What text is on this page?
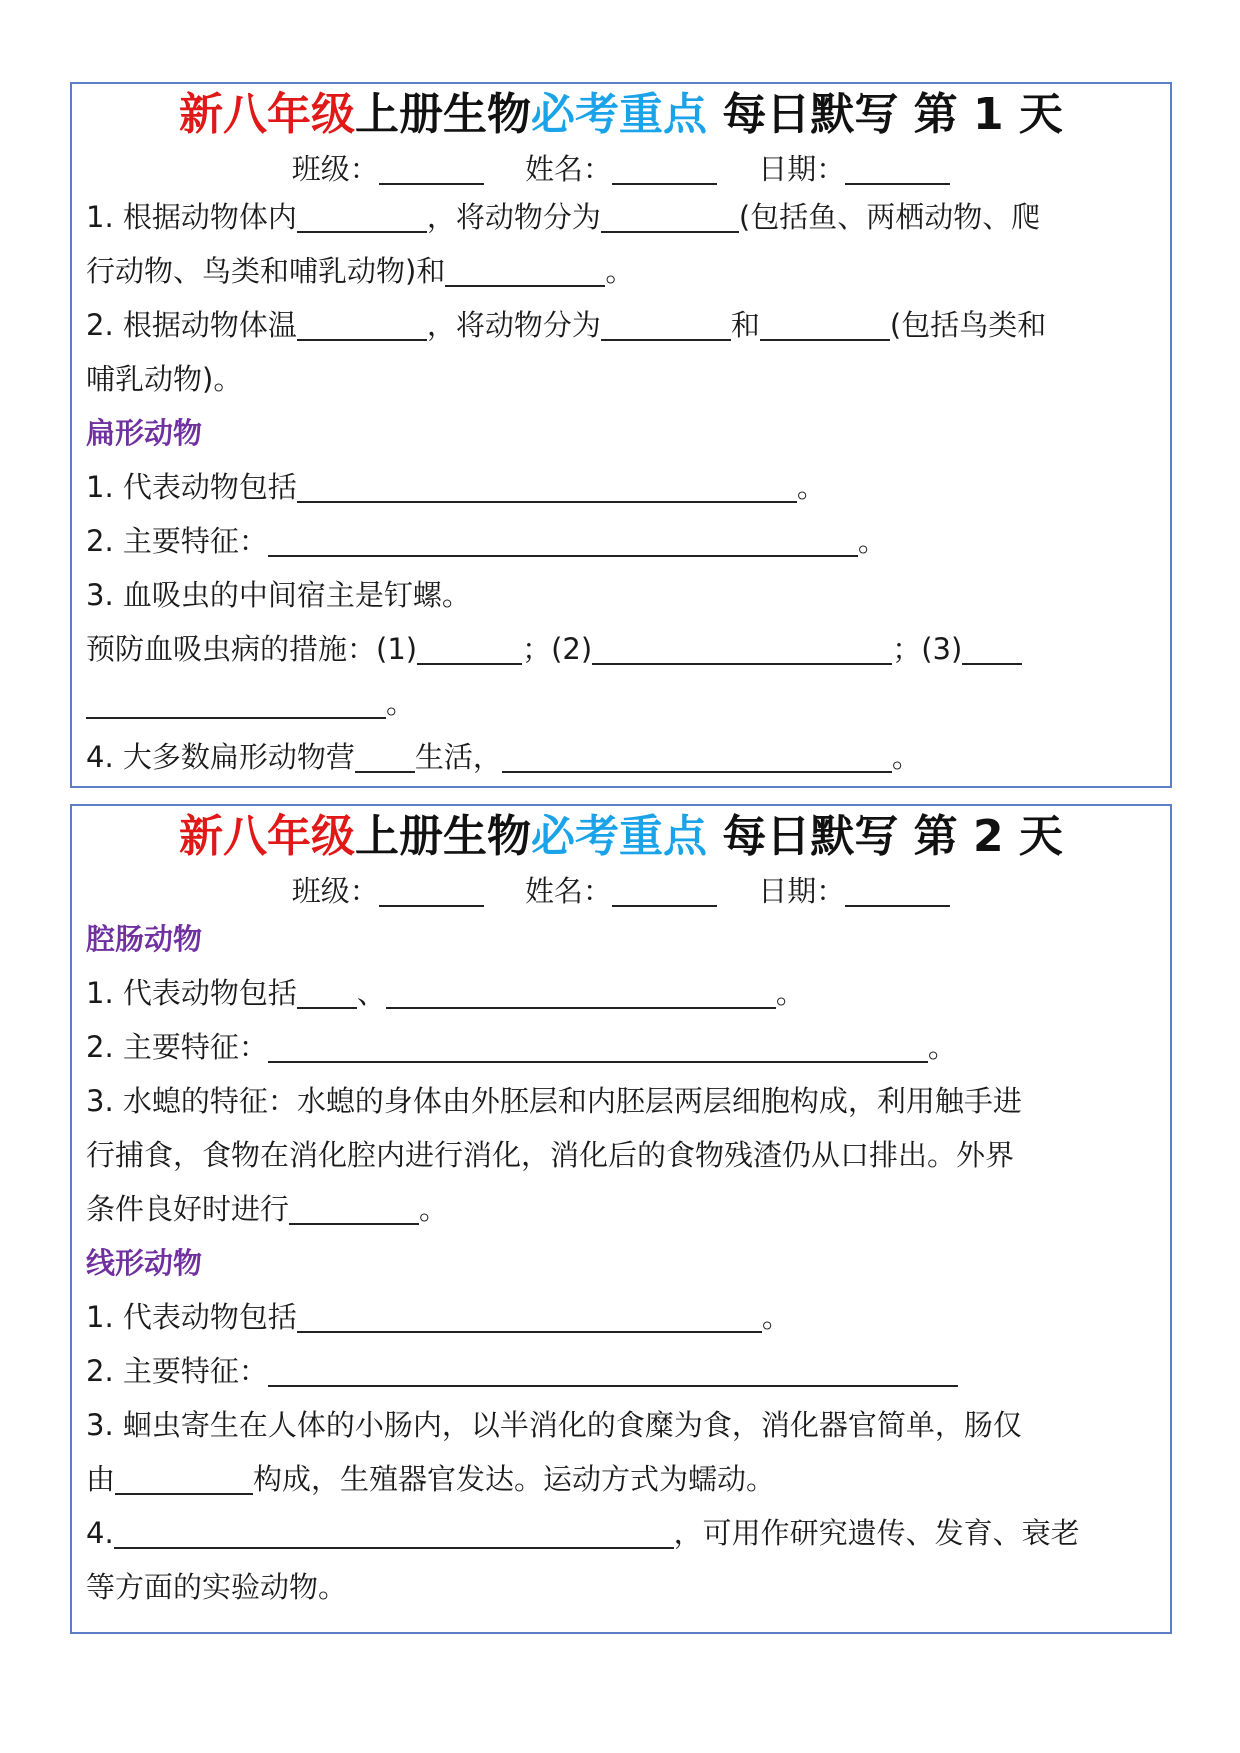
新八年级上册生物必考重点 每日默写 第 1 天
班级：	姓名：	日期：
1. 根据动物体内	，将动物分为	(包括鱼、两栖动物、爬
行动物、鸟类和哺乳动物)和	。
2. 根据动物体温	，将动物分为	和	(包括鸟类和
哺乳动物)。
扁形动物
1. 代表动物包括	。
2. 主要特征：	。
3. 血吸虫的中间宿主是钉螺。
预防血吸虫病的措施：(1)	；(2)	；(3)
。
4. 大多数扁形动物营 生活，	。
新八年级上册生物必考重点 每日默写 第 2 天
班级：	姓名：	日期：
腔肠动物
1. 代表动物包括 、	。
2. 主要特征：	。
3. 水螅的特征：水螅的身体由外胚层和内胚层两层细胞构成，利用触手进
行捕食，食物在消化腔内进行消化，消化后的食物残渣仍从口排出。外界
条件良好时进行	。
线形动物
1. 代表动物包括	。
2. 主要特征：
3. 蛔虫寄生在人体的小肠内，以半消化的食糜为食，消化器官简单，肠仅
由	构成，生殖器官发达。运动方式为蠕动。
4.	，可用作研究遗传、发育、衰老
等方面的实验动物。
